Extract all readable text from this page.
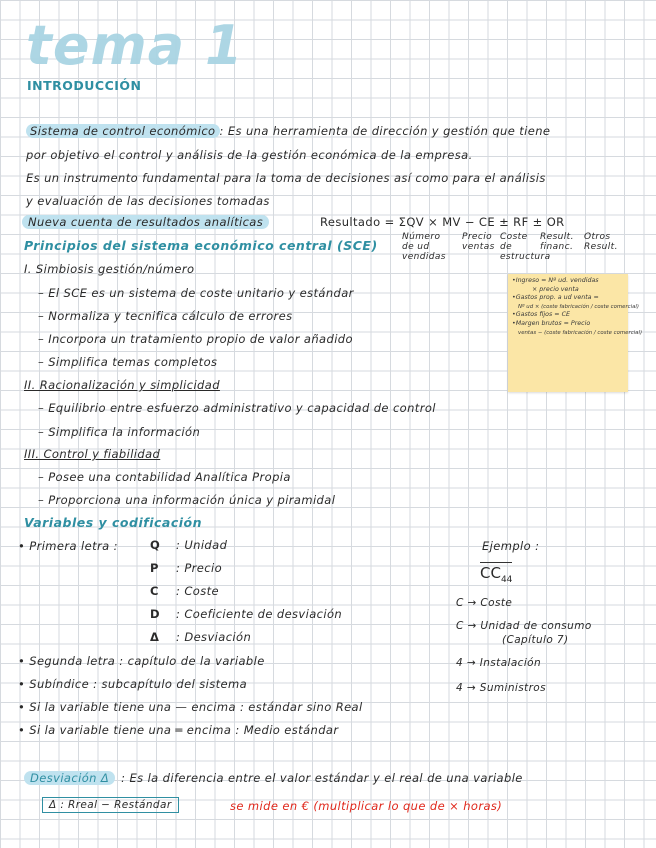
tema 1
INTRODUCCIÓN
Sistema de control económico : Es una herramienta de dirección y gestión que tiene
por objetivo el control y análisis de la gestión económica de la empresa.
Es un instrumento fundamental para la toma de decisiones así como para el análisis
y evaluación de las decisiones tomadas
Nueva cuenta de resultados analíticas	Resultado = ΣQV × MV − CE ± RF ± OR
Número de ud vendidas
Precio ventas
Coste de estructura
Result. financ.
Otros Result.
Principios del sistema económico central (SCE)
I. Simbiosis gestión/número
– El SCE es un sistema de coste unitario y estándar
– Normaliza y tecnifica cálculo de errores
– Incorpora un tratamiento propio de valor añadido
– Simplifica temas completos
II. Racionalización y simplicidad
– Equilibrio entre esfuerzo administrativo y capacidad de control
– Simplifica la información
III. Control y fiabilidad
– Posee una contabilidad Analítica Propia
– Proporciona una información única y piramidal
•Ingreso = Nº ud. vendidas
× precio venta
•Gastos prop. a ud venta =
Nº ud × (coste fabricación / coste comercial)
•Gastos fijos = CE
•Margen brutos = Precio
ventas − (coste fabricación / coste comercial)
Variables y codificación
• Primera letra :	Q : Unidad
P : Precio
C : Coste
D : Coeficiente de desviación
Δ : Desviación
• Segunda letra : capítulo de la variable
• Subíndice : subcapítulo del sistema
• Si la variable tiene una — encima : estándar sino Real
• Si la variable tiene una ═ encima : Medio estándar
Ejemplo :
$CC_{44}$
C → Coste
C → Unidad de consumo
(Capítulo 7)
4 → Instalación
4 → Suministros
Desviación Δ : Es la diferencia entre el valor estándar y el real de una variable
Δ : Rreal − Restándar	se mide en € (multiplicar lo que de × horas)
